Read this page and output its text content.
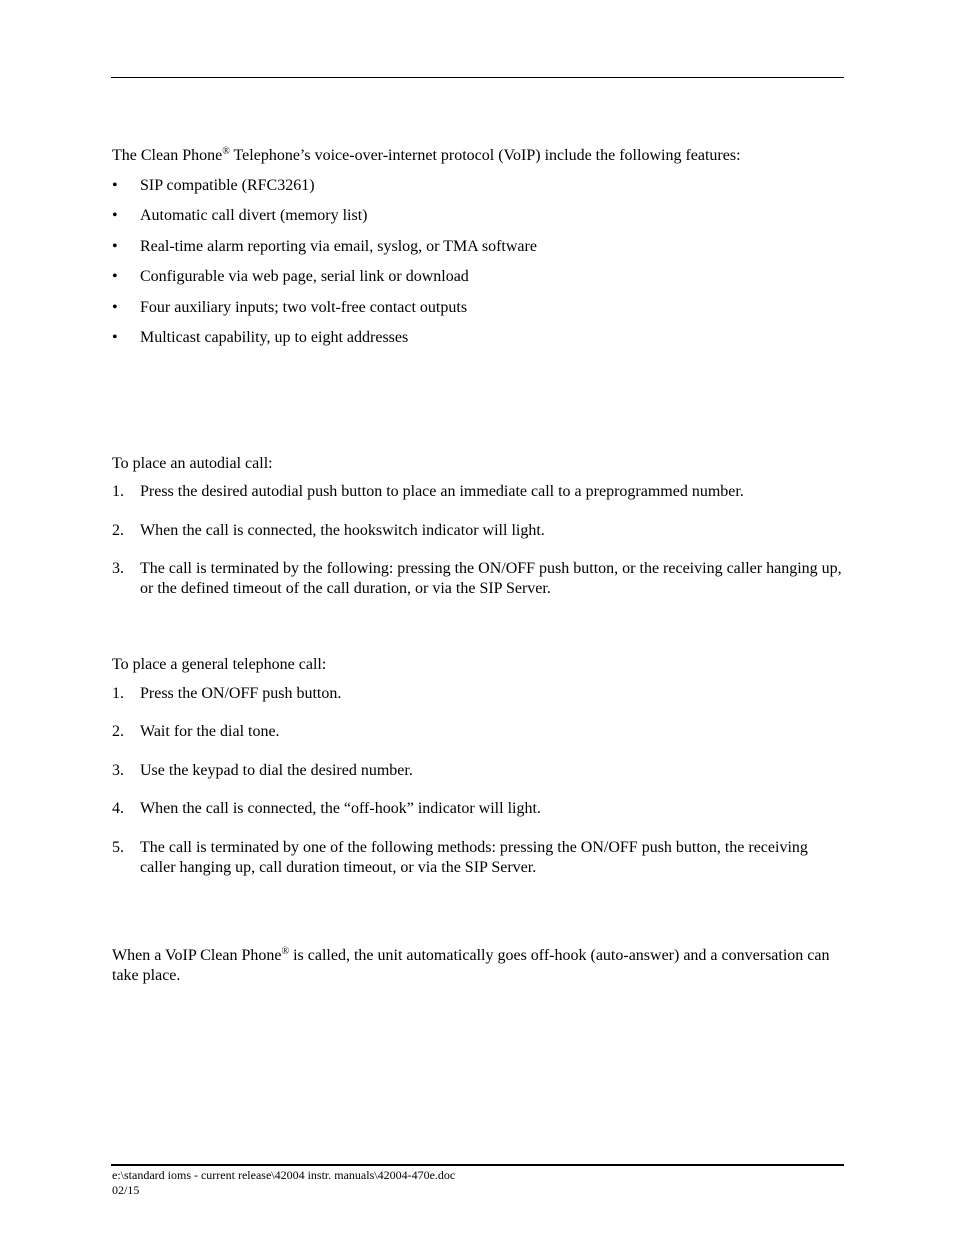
The Clean Phone® Telephone’s voice-over-internet protocol (VoIP) include the following features:
• SIP compatible (RFC3261)
• Automatic call divert (memory list)
• Real-time alarm reporting via email, syslog, or TMA software
• Configurable via web page, serial link or download
• Four auxiliary inputs; two volt-free contact outputs
• Multicast capability, up to eight addresses
To place an autodial call:
1. Press the desired autodial push button to place an immediate call to a preprogrammed number.
2. When the call is connected, the hookswitch indicator will light.
3. The call is terminated by the following: pressing the ON/OFF push button, or the receiving caller hanging up, or the defined timeout of the call duration, or via the SIP Server.
To place a general telephone call:
1. Press the ON/OFF push button.
2. Wait for the dial tone.
3. Use the keypad to dial the desired number.
4. When the call is connected, the “off-hook” indicator will light.
5. The call is terminated by one of the following methods: pressing the ON/OFF push button, the receiving caller hanging up, call duration timeout, or via the SIP Server.
When a VoIP Clean Phone® is called, the unit automatically goes off-hook (auto-answer) and a conversation can take place.
e:\standard ioms - current release\42004 instr. manuals\42004-470e.doc
02/15
